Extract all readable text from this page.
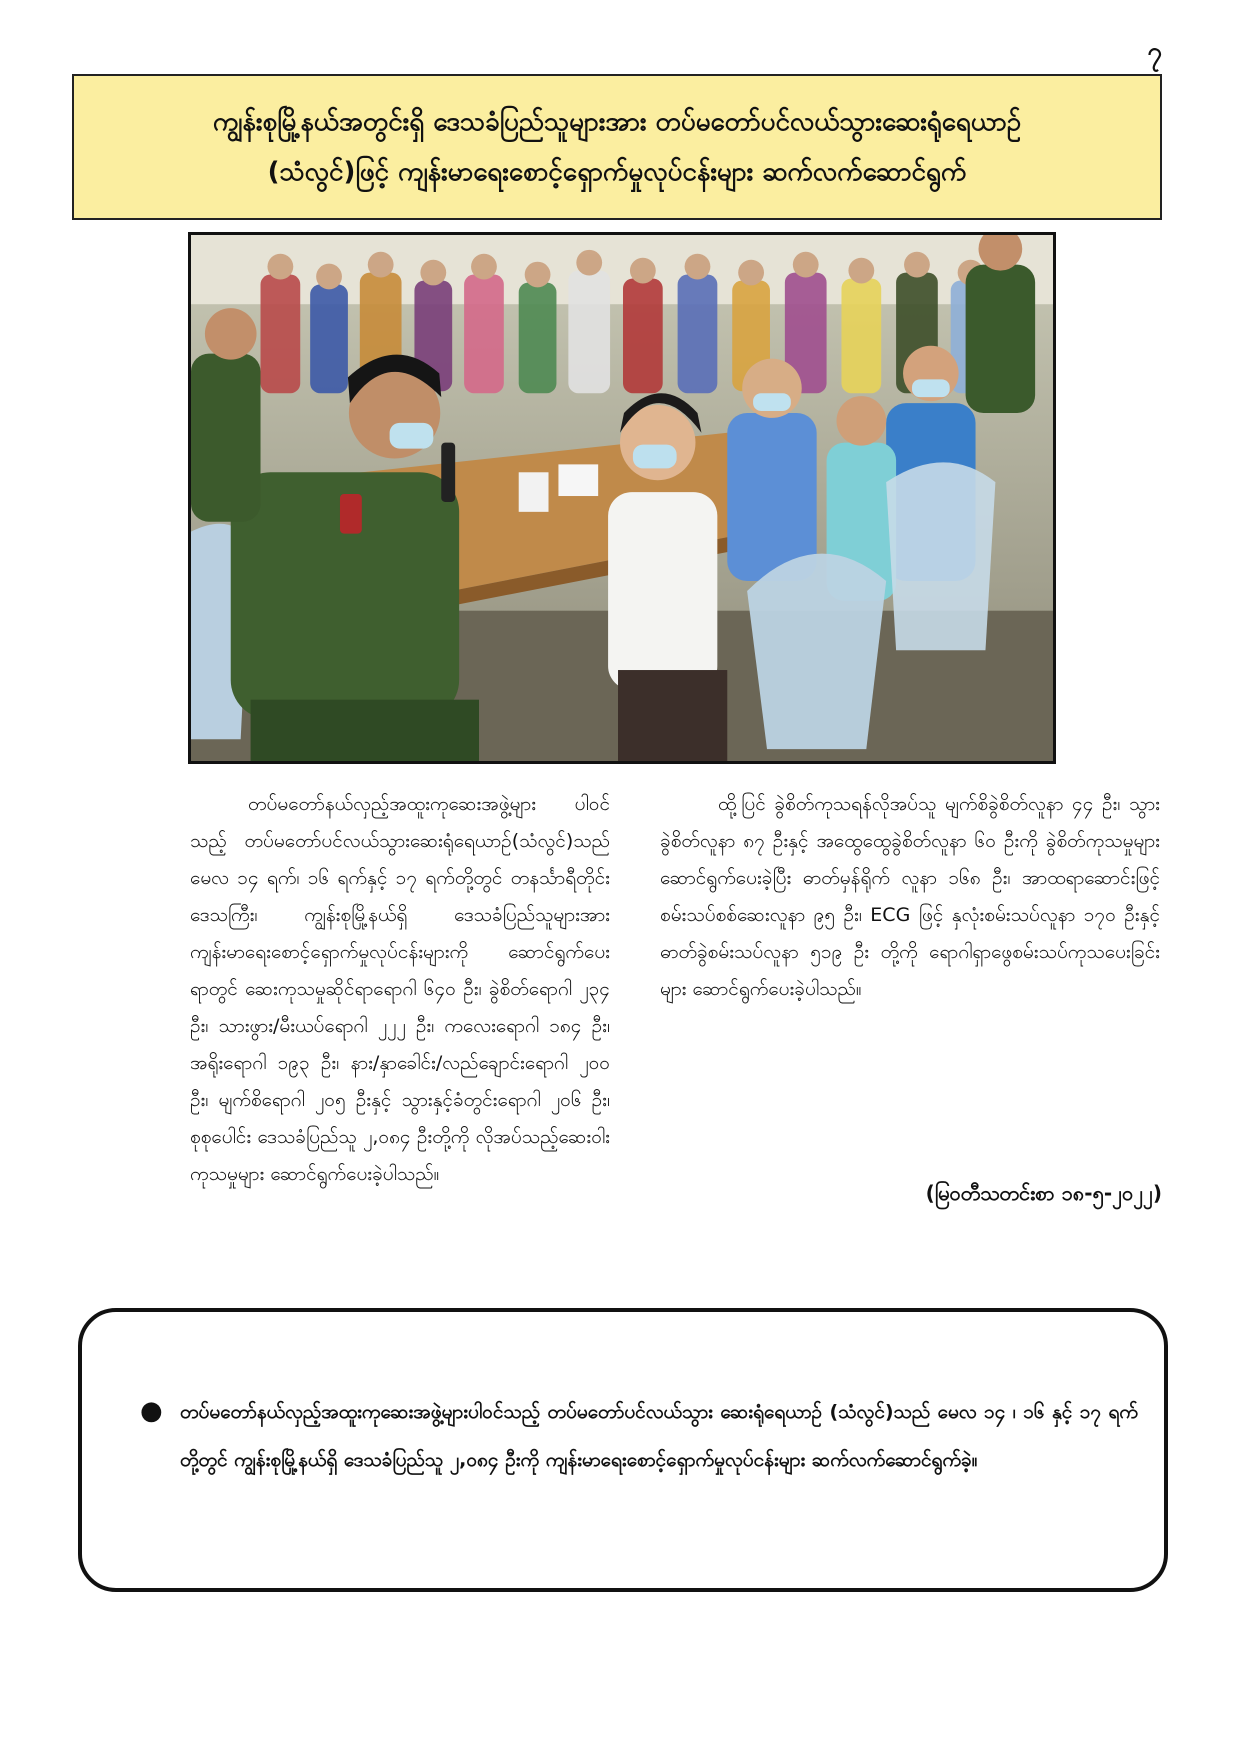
၇
ကျွန်းစုမြို့နယ်အတွင်းရှိ ဒေသခံပြည်သူများအား တပ်မတော်ပင်လယ်သွားဆေးရုံရေယာဉ်
(သံလွင်)ဖြင့် ကျန်းမာရေးစောင့်ရှောက်မှုလုပ်ငန်းများ ဆက်လက်ဆောင်ရွက်

တပ်မတော်နယ်လှည့်အထူးကုဆေးအဖွဲ့များ ပါဝင်သည့် တပ်မတော်ပင်လယ်သွားဆေးရုံရေယာဉ်(သံလွင်)သည် မေလ ၁၄ ရက်၊ ၁၆ ရက်နှင့် ၁၇ ရက်တို့တွင် တနင်္သာရီတိုင်းဒေသကြီး၊ ကျွန်းစုမြို့နယ်ရှိ ဒေသခံပြည်သူများအား ကျန်းမာရေးစောင့်ရှောက်မှုလုပ်ငန်းများကို ဆောင်ရွက်ပေးရာတွင် ဆေးကုသမှုဆိုင်ရာရောဂါ ၆၄၀ ဦး၊ ခွဲစိတ်ရောဂါ ၂၃၄ ဦး၊ သားဖွား/မီးယပ်ရောဂါ ၂၂၂ ဦး၊ ကလေးရောဂါ ၁၈၄ ဦး၊ အရိုးရောဂါ ၁၉၃ ဦး၊ နား/နှာခေါင်း/လည်ချောင်းရောဂါ ၂၀၀ ဦး၊ မျက်စိရောဂါ ၂၀၅ ဦးနှင့် သွားနှင့်ခံတွင်းရောဂါ ၂၀၆ ဦး၊ စုစုပေါင်း ဒေသခံပြည်သူ ၂,၀၈၄ ဦးတို့ကို လိုအပ်သည့်ဆေးဝါးကုသမှုများ ဆောင်ရွက်ပေးခဲ့ပါသည်။

ထို့ပြင် ခွဲစိတ်ကုသရန်လိုအပ်သူ မျက်စိခွဲစိတ်လူနာ ၄၄ ဦး၊ သွားခွဲစိတ်လူနာ ၈၇ ဦးနှင့် အထွေထွေခွဲစိတ်လူနာ ၆၀ ဦးကို ခွဲစိတ်ကုသမှုများဆောင်ရွက်ပေးခဲ့ပြီး ဓာတ်မှန်ရိုက် လူနာ ၁၆၈ ဦး၊ အာထရာဆောင်းဖြင့် စမ်းသပ်စစ်ဆေးလူနာ ၉၅ ဦး၊ ECG ဖြင့် နှလုံးစမ်းသပ်လူနာ ၁၇၀ ဦးနှင့် ဓာတ်ခွဲစမ်းသပ်လူနာ ၅၁၉ ဦး တို့ကို ရောဂါရှာဖွေစမ်းသပ်ကုသပေးခြင်းများ ဆောင်ရွက်ပေးခဲ့ပါသည်။

(မြဝတီသတင်းစာ ၁၈-၅-၂၀၂၂)
● တပ်မတော်နယ်လှည့်အထူးကုဆေးအဖွဲ့များပါဝင်သည့် တပ်မတော်ပင်လယ်သွား ဆေးရုံရေယာဉ် (သံလွင်)သည် မေလ ၁၄ ၊ ၁၆ နှင့် ၁၇ ရက်တို့တွင် ကျွန်းစုမြို့နယ်ရှိ ဒေသခံပြည်သူ ၂,၀၈၄ ဦးကို ကျန်းမာရေးစောင့်ရှောက်မှုလုပ်ငန်းများ ဆက်လက်ဆောင်ရွက်ခဲ့။
